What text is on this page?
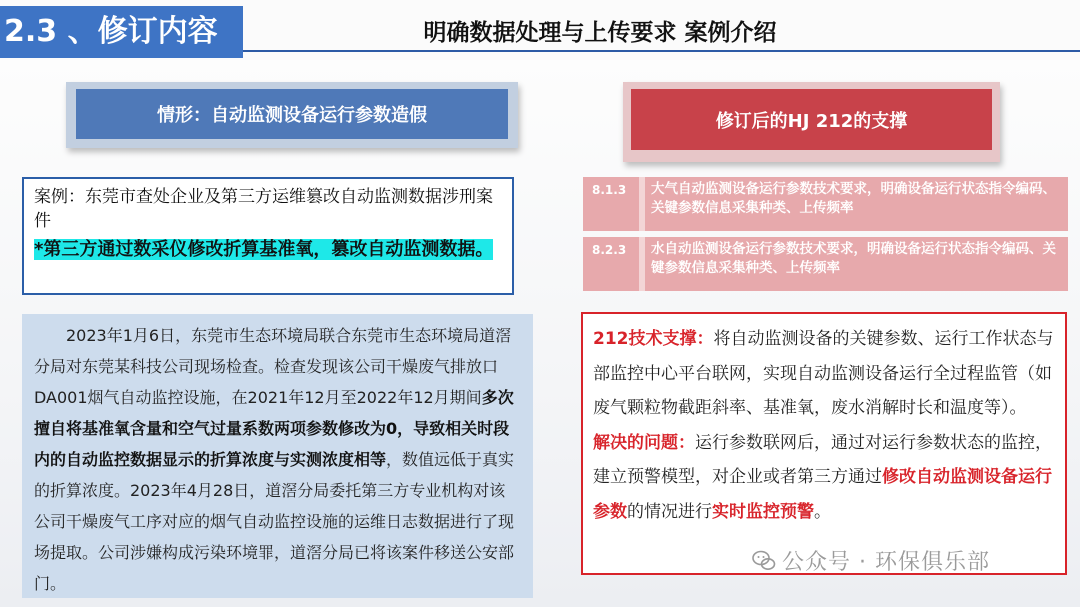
2.3 、修订内容	明确数据处理与上传要求 案例介绍
情形：自动监测设备运行参数造假	修订后的HJ 212的支撑
案例：东莞市查处企业及第三方运维篡改自动监测数据涉刑案件
*第三方通过数采仪修改折算基准氧，篡改自动监测数据。
2023年1月6日，东莞市生态环境局联合东莞市生态环境局道滘分局对东莞某科技公司现场检查。检查发现该公司干燥废气排放口DA001烟气自动监控设施，在2021年12月至2022年12月期间多次擅自将基准氧含量和空气过量系数两项参数修改为0，导致相关时段内的自动监控数据显示的折算浓度与实测浓度相等，数值远低于真实的折算浓度。2023年4月28日，道滘分局委托第三方专业机构对该公司干燥废气工序对应的烟气自动监控设施的运维日志数据进行了现场提取。公司涉嫌构成污染环境罪，道滘分局已将该案件移送公安部门。
8.1.3	大气自动监测设备运行参数技术要求，明确设备运行状态指令编码、关键参数信息采集种类、上传频率
8.2.3	水自动监测设备运行参数技术要求，明确设备运行状态指令编码、关键参数信息采集种类、上传频率
212技术支撑：将自动监测设备的关键参数、运行工作状态与部监控中心平台联网，实现自动监测设备运行全过程监管（如废气颗粒物截距斜率、基准氧，废水消解时长和温度等）。
解决的问题：运行参数联网后，通过对运行参数状态的监控，建立预警模型，对企业或者第三方通过修改自动监测设备运行参数的情况进行实时监控预警。
公众号 · 环保俱乐部
